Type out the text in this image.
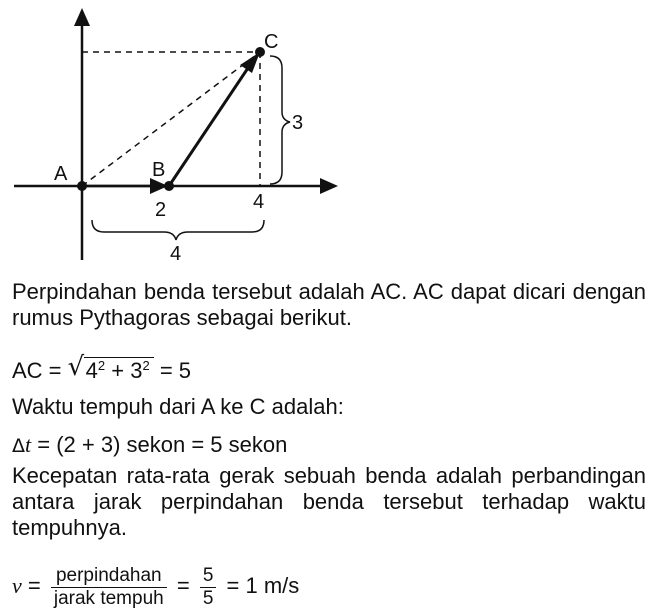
A	B
C
2	4
4
3
Perpindahan benda tersebut adalah AC. AC dapat dicari dengan rumus Pythagoras sebagai berikut.
AC = √ $4^2 + 3^2 = 5$
Waktu tempuh dari A ke C adalah:
Δt = (2 + 3) sekon = 5 sekon
Kecepatan rata-rata gerak sebuah benda adalah perbandingan antara jarak perpindahan benda tersebut terhadap waktu tempuhnya.
$v = \frac{\text{perpindahan}}{\text{jarak tempuh}} = \frac{5}{5} = 1$ m/s
